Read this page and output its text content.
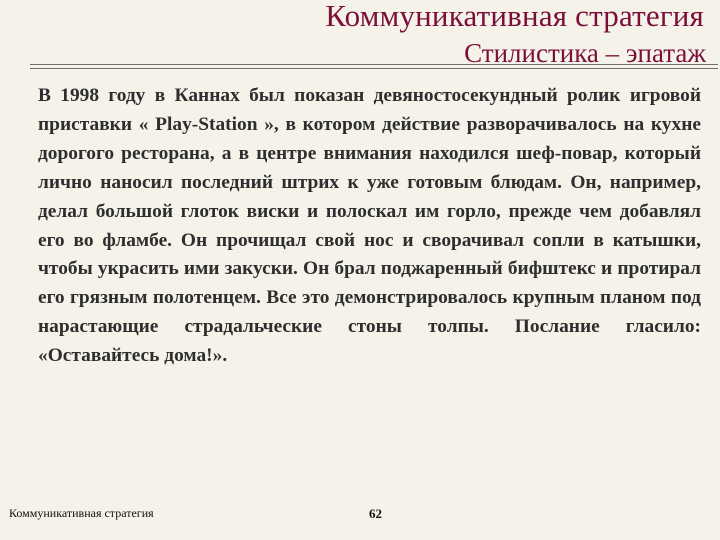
Коммуникативная стратегия
Стилистика – эпатаж

В 1998 году в Каннах был показан девяностосекундный ролик игровой приставки « Play-Station », в котором действие разворачивалось на кухне дорогого ресторана, а в центре внимания находился шеф-повар, который лично наносил последний штрих к уже готовым блюдам. Он, например, делал большой глоток виски и полоскал им горло, прежде чем добавлял его во фламбе. Он прочищал свой нос и сворачивал сопли в катышки, чтобы украсить ими закуски. Он брал поджаренный бифштекс и протирал его грязным полотенцем. Все это демонстрировалось крупным планом под нарастающие страдальческие стоны толпы. Послание гласило: «Оставайтесь дома!».

Коммуникативная стратегия	62
